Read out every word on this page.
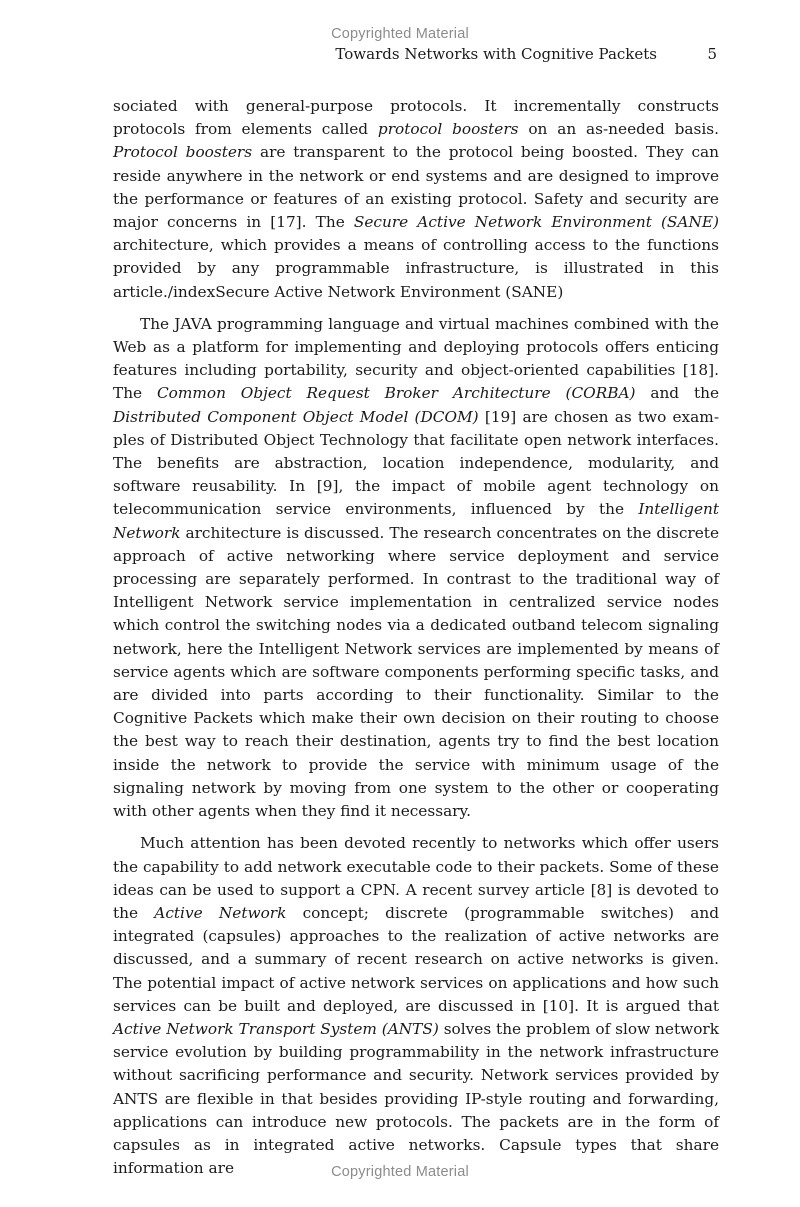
Copyrighted Material
Towards Networks with Cognitive Packets	5

sociated with general-purpose protocols. It incrementally constructs protocols from elements called protocol boosters on an as-needed basis. Protocol boosters are transparent to the protocol being boosted. They can reside anywhere in the network or end systems and are designed to improve the performance or features of an existing protocol. Safety and security are major concerns in [17]. The Secure Active Network Environment (SANE) architecture, which provides a means of controlling access to the functions provided by any programmable infrastructure, is illustrated in this article./indexSecure Active Network Environment (SANE)

The JAVA programming language and virtual machines combined with the Web as a platform for implementing and deploying protocols offers enticing features including portability, security and object-oriented capabilities [18]. The Common Object Request Broker Architecture (CORBA) and the Distributed Component Object Model (DCOM) [19] are chosen as two examples of Distributed Object Technology that facilitate open network interfaces. The benefits are abstraction, location independence, modularity, and software reusability. In [9], the impact of mobile agent technology on telecommunication service environments, influenced by the Intelligent Network architecture is discussed. The research concentrates on the discrete approach of active networking where service deployment and service processing are separately performed. In contrast to the traditional way of Intelligent Network service implementation in centralized service nodes which control the switching nodes via a dedicated outband telecom signaling network, here the Intelligent Network services are implemented by means of service agents which are software components performing specific tasks, and are divided into parts according to their functionality. Similar to the Cognitive Packets which make their own decision on their routing to choose the best way to reach their destination, agents try to find the best location inside the network to provide the service with minimum usage of the signaling network by moving from one system to the other or cooperating with other agents when they find it necessary.

Much attention has been devoted recently to networks which offer users the capability to add network executable code to their packets. Some of these ideas can be used to support a CPN. A recent survey article [8] is devoted to the Active Network concept; discrete (programmable switches) and integrated (capsules) approaches to the realization of active networks are discussed, and a summary of recent research on active networks is given. The potential impact of active network services on applications and how such services can be built and deployed, are discussed in [10]. It is argued that Active Network Transport System (ANTS) solves the problem of slow network service evolution by building programmability in the network infrastructure without sacrificing performance and security. Network services provided by ANTS are flexible in that besides providing IP-style routing and forwarding, applications can introduce new protocols. The packets are in the form of capsules as in integrated active networks. Capsule types that share information are	Copyrighted Material
